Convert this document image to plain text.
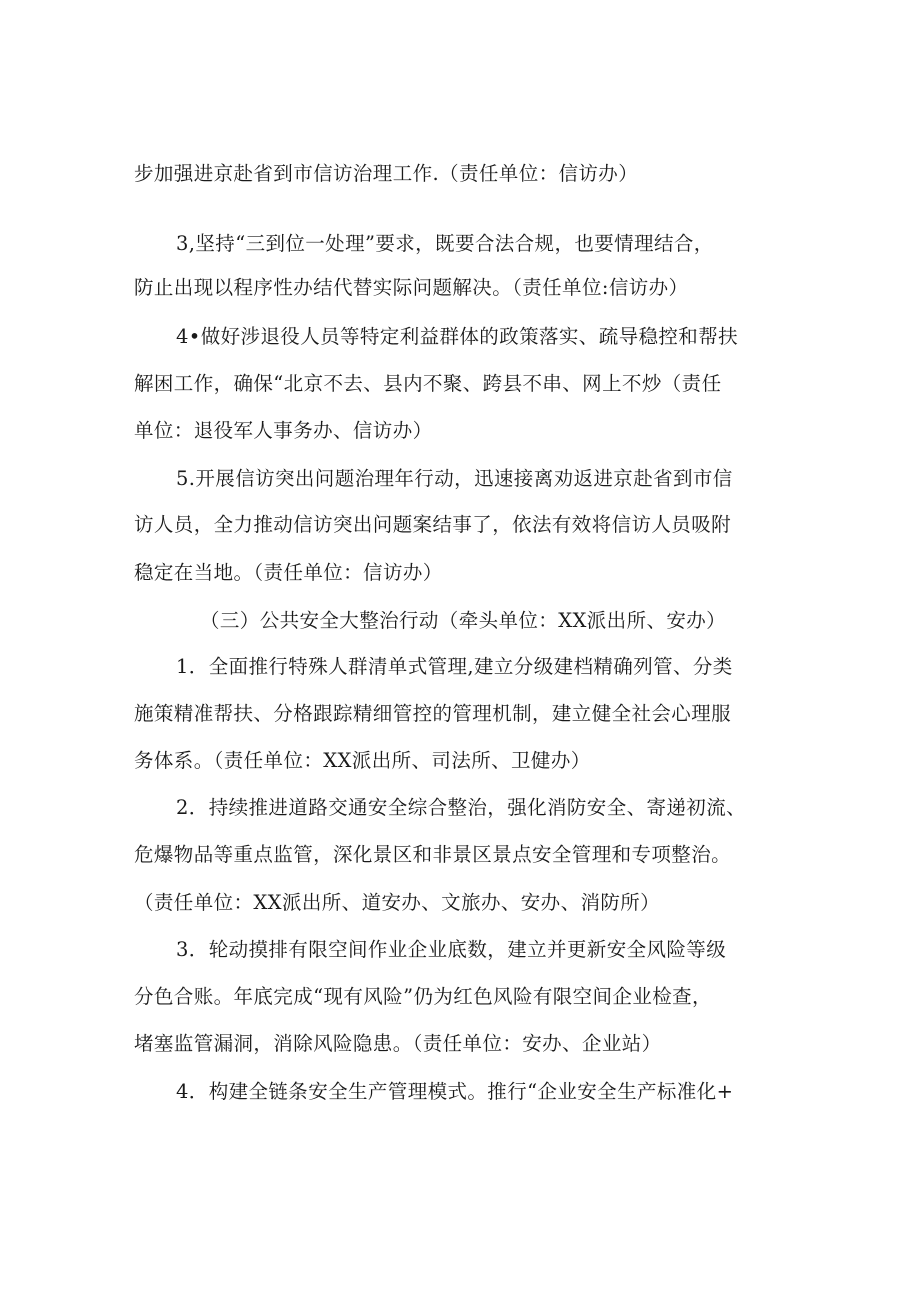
步加强进京赴省到市信访治理工作.（责任单位：信访办）
3,坚持“三到位一处理”要求，既要合法合规，也要情理结合，
防止出现以程序性办结代替实际问题解决。（责任单位:信访办）
4•做好涉退役人员等特定利益群体的政策落实、疏导稳控和帮扶
解困工作，确保“北京不去、县内不聚、跨县不串、网上不炒（责任
单位：退役军人事务办、信访办）
5.开展信访突出问题治理年行动，迅速接离劝返进京赴省到市信
访人员，全力推动信访突出问题案结事了，依法有效将信访人员吸附
稳定在当地。（责任单位：信访办）
（三）公共安全大整治行动（牵头单位：XX派出所、安办）
1．全面推行特殊人群清单式管理,建立分级建档精确列管、分类
施策精准帮扶、分格跟踪精细管控的管理机制，建立健全社会心理服
务体系。（责任单位：XX派出所、司法所、卫健办）
2．持续推进道路交通安全综合整治，强化消防安全、寄递初流、
危爆物品等重点监管，深化景区和非景区景点安全管理和专项整治。
（责任单位：XX派出所、道安办、文旅办、安办、消防所）
3．轮动摸排有限空间作业企业底数，建立并更新安全风险等级
分色合账。年底完成“现有风险”仍为红色风险有限空间企业检查，
堵塞监管漏洞，消除风险隐患。（责任单位：安办、企业站）
4．构建全链条安全生产管理模式。推行“企业安全生产标准化+
